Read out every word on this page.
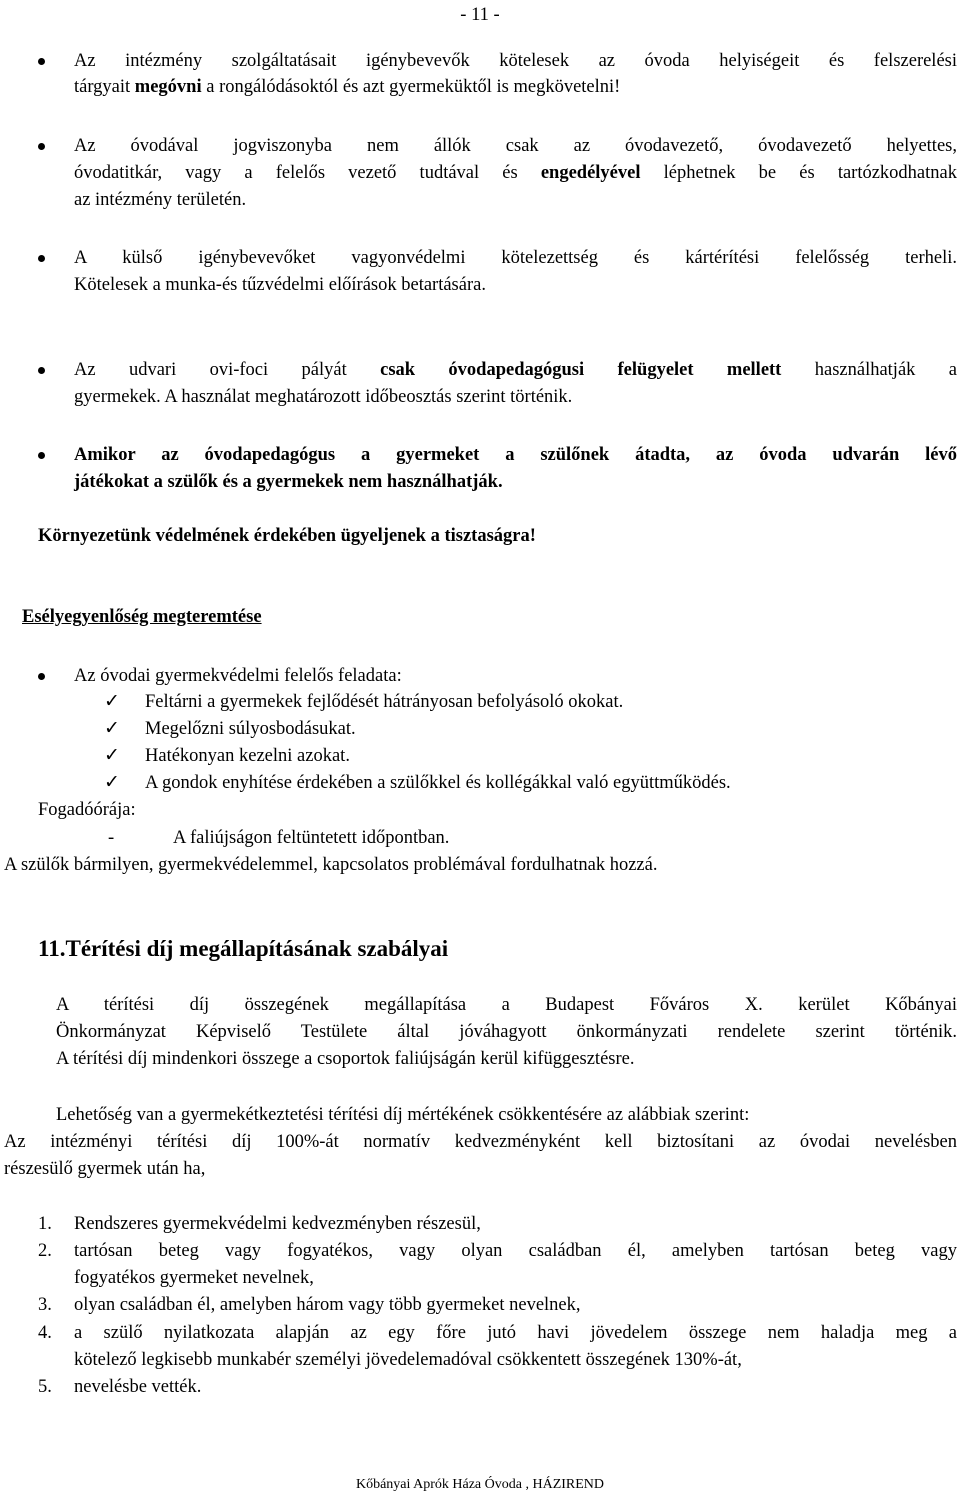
- 11 -
Az intézmény szolgáltatásait igénybevevők kötelesek az óvoda helyiségeit és felszerelési
tárgyait megóvni a rongálódásoktól és azt gyermeküktől is megkövetelni!
Az óvodával jogviszonyba nem állók csak az óvodavezető, óvodavezető helyettes,
óvodatitkár, vagy a felelős vezető tudtával és engedélyével léphetnek be és tartózkodhatnak
az intézmény területén.
A külső igénybevevőket vagyonvédelmi kötelezettség és kártérítési felelősség terheli.
Kötelesek a munka-és tűzvédelmi előírások betartására.
Az udvari ovi-foci pályát csak óvodapedagógusi felügyelet mellett használhatják a
gyermekek. A használat meghatározott időbeosztás szerint történik.
Amikor az óvodapedagógus a gyermeket a szülőnek átadta, az óvoda udvarán lévő
játékokat a szülők és a gyermekek nem használhatják.
Környezetünk védelmének érdekében ügyeljenek a tisztaságra!
Esélyegyenlőség megteremtése
Az óvodai gyermekvédelmi felelős feladata:
✓ Feltárni a gyermekek fejlődését hátrányosan befolyásoló okokat.
✓ Megelőzni súlyosbodásukat.
✓ Hatékonyan kezelni azokat.
✓ A gondok enyhítése érdekében a szülőkkel és kollégákkal való együttműködés.
Fogadóórája:
-	A faliújságon feltüntetett időpontban.
A szülők bármilyen, gyermekvédelemmel, kapcsolatos problémával fordulhatnak hozzá.
11.Térítési díj megállapításának szabályai
A térítési díj összegének megállapítása a Budapest Főváros X. kerület Kőbányai
Önkormányzat Képviselő Testülete által jóváhagyott önkormányzati rendelete szerint történik.
A térítési díj mindenkori összege a csoportok faliújságán kerül kifüggesztésre.
Lehetőség van a gyermekétkeztetési térítési díj mértékének csökkentésére az alábbiak szerint:
Az intézményi térítési díj 100%-át normatív kedvezményként kell biztosítani az óvodai nevelésben
részesülő gyermek után ha,
1. Rendszeres gyermekvédelmi kedvezményben részesül,
2. tartósan beteg vagy fogyatékos, vagy olyan családban él, amelyben tartósan beteg vagy
fogyatékos gyermeket nevelnek,
3. olyan családban él, amelyben három vagy több gyermeket nevelnek,
4. a szülő nyilatkozata alapján az egy főre jutó havi jövedelem összege nem haladja meg a
kötelező legkisebb munkabér személyi jövedelemadóval csökkentett összegének 130%-át,
5. nevelésbe vették.
Kőbányai Aprók Háza Óvoda , HÁZIREND
